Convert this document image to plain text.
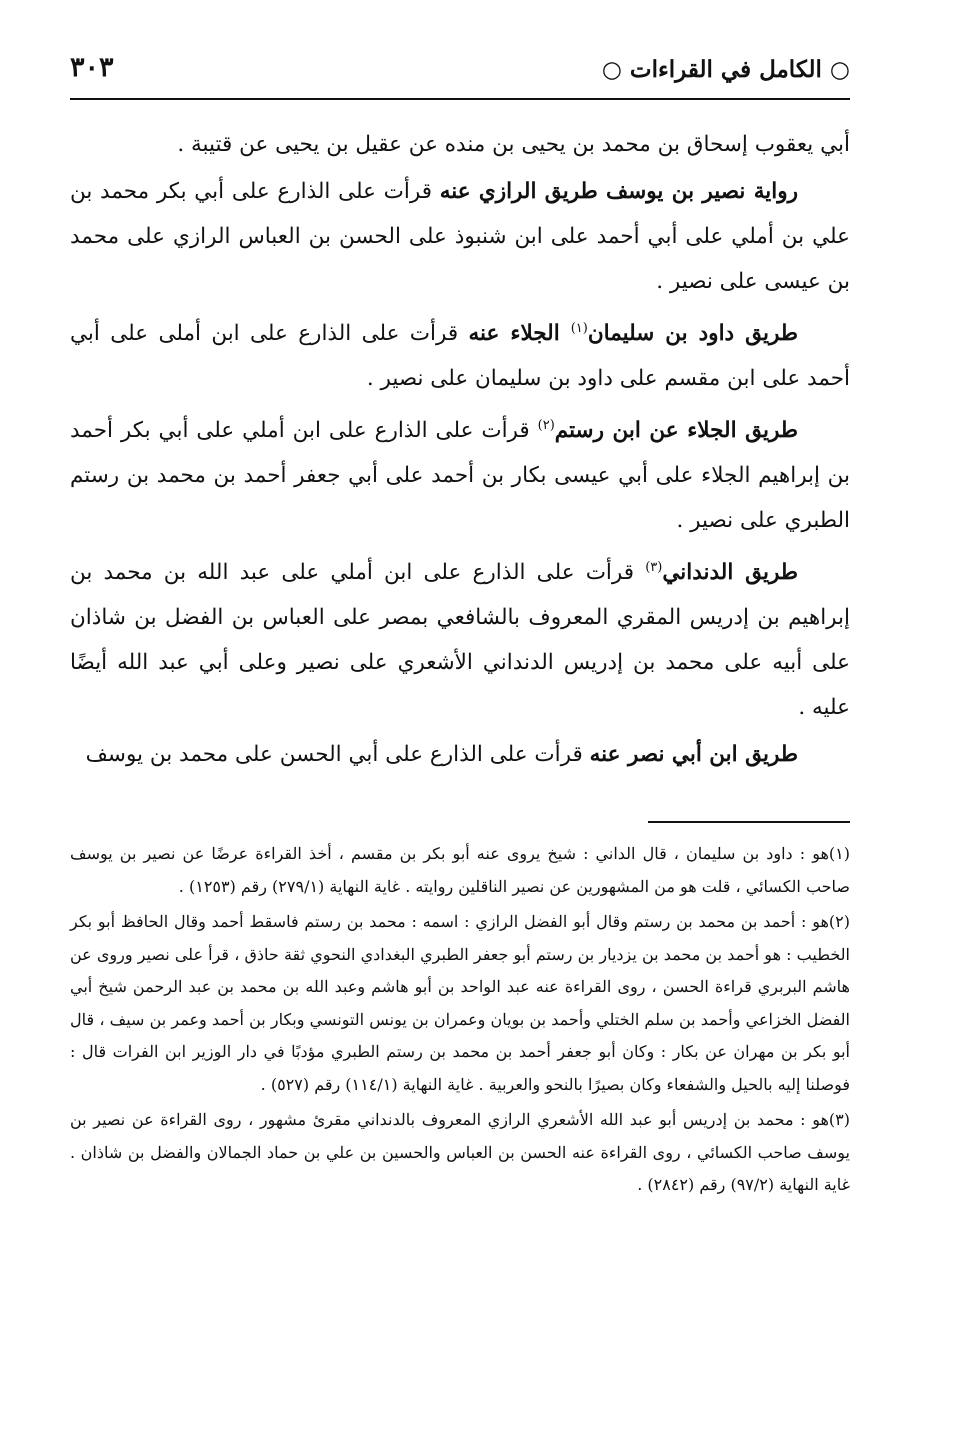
○ الكامل في القراءات ○
٣٠٣

أبي يعقوب إسحاق بن محمد بن يحيى بن منده عن عقيل بن يحيى عن قتيبة .

رواية نصير بن يوسف طريق الرازي عنه قرأت على الذارع على أبي بكر محمد بن علي بن أملي على أبي أحمد على ابن شنبوذ على الحسن بن العباس الرازي على محمد بن عيسى على نصير .

طريق داود بن سليمان$^{(١)}$ الجلاء عنه قرأت على الذارع على ابن أملى على أبي أحمد على ابن مقسم على داود بن سليمان على نصير .

طريق الجلاء عن ابن رستم$^{(٢)}$ قرأت على الذارع على ابن أملي على أبي بكر أحمد بن إبراهيم الجلاء على أبي عيسى بكار بن أحمد على أبي جعفر أحمد بن محمد بن رستم الطبري على نصير .

طريق الدنداني$^{(٣)}$ قرأت على الذارع على ابن أملي على عبد الله بن محمد بن إبراهيم بن إدريس المقري المعروف بالشافعي بمصر على العباس بن الفضل بن شاذان على أبيه على محمد بن إدريس الدنداني الأشعري على نصير وعلى أبي عبد الله أيضًا عليه .

طريق ابن أبي نصر عنه قرأت على الذارع على أبي الحسن على محمد بن يوسف

(١)هو : داود بن سليمان ، قال الداني : شيخ يروى عنه أبو بكر بن مقسم ، أخذ القراءة عرضًا عن نصير بن يوسف صاحب الكسائي ، قلت هو من المشهورين عن نصير الناقلين روايته . غاية النهاية (٢٧٩/١) رقم (١٢٥٣) .

(٢)هو : أحمد بن محمد بن رستم وقال أبو الفضل الرازي : اسمه : محمد بن رستم فاسقط أحمد وقال الحافظ أبو بكر الخطيب : هو أحمد بن محمد بن يزديار بن رستم أبو جعفر الطبري البغدادي النحوي ثقة حاذق ، قرأ على نصير وروى عن هاشم البربري قراءة الحسن ، روى القراءة عنه عبد الواحد بن أبو هاشم وعبد الله بن محمد بن عبد الرحمن شيخ أبي الفضل الخزاعي وأحمد بن سلم الختلي وأحمد بن بويان وعمران بن يونس التونسي وبكار بن أحمد وعمر بن سيف ، قال أبو بكر بن مهران عن بكار : وكان أبو جعفر أحمد بن محمد بن رستم الطبري مؤدبًا في دار الوزير ابن الفرات قال : فوصلنا إليه بالحيل والشفعاء وكان بصيرًا بالنحو والعربية . غاية النهاية (١١٤/١) رقم (٥٢٧) .

(٣)هو : محمد بن إدريس أبو عبد الله الأشعري الرازي المعروف بالدنداني مقرئ مشهور ، روى القراءة عن نصير بن يوسف صاحب الكسائي ، روى القراءة عنه الحسن بن العباس والحسين بن علي بن حماد الجمالان والفضل بن شاذان . غاية النهاية (٩٧/٢) رقم (٢٨٤٢) .
